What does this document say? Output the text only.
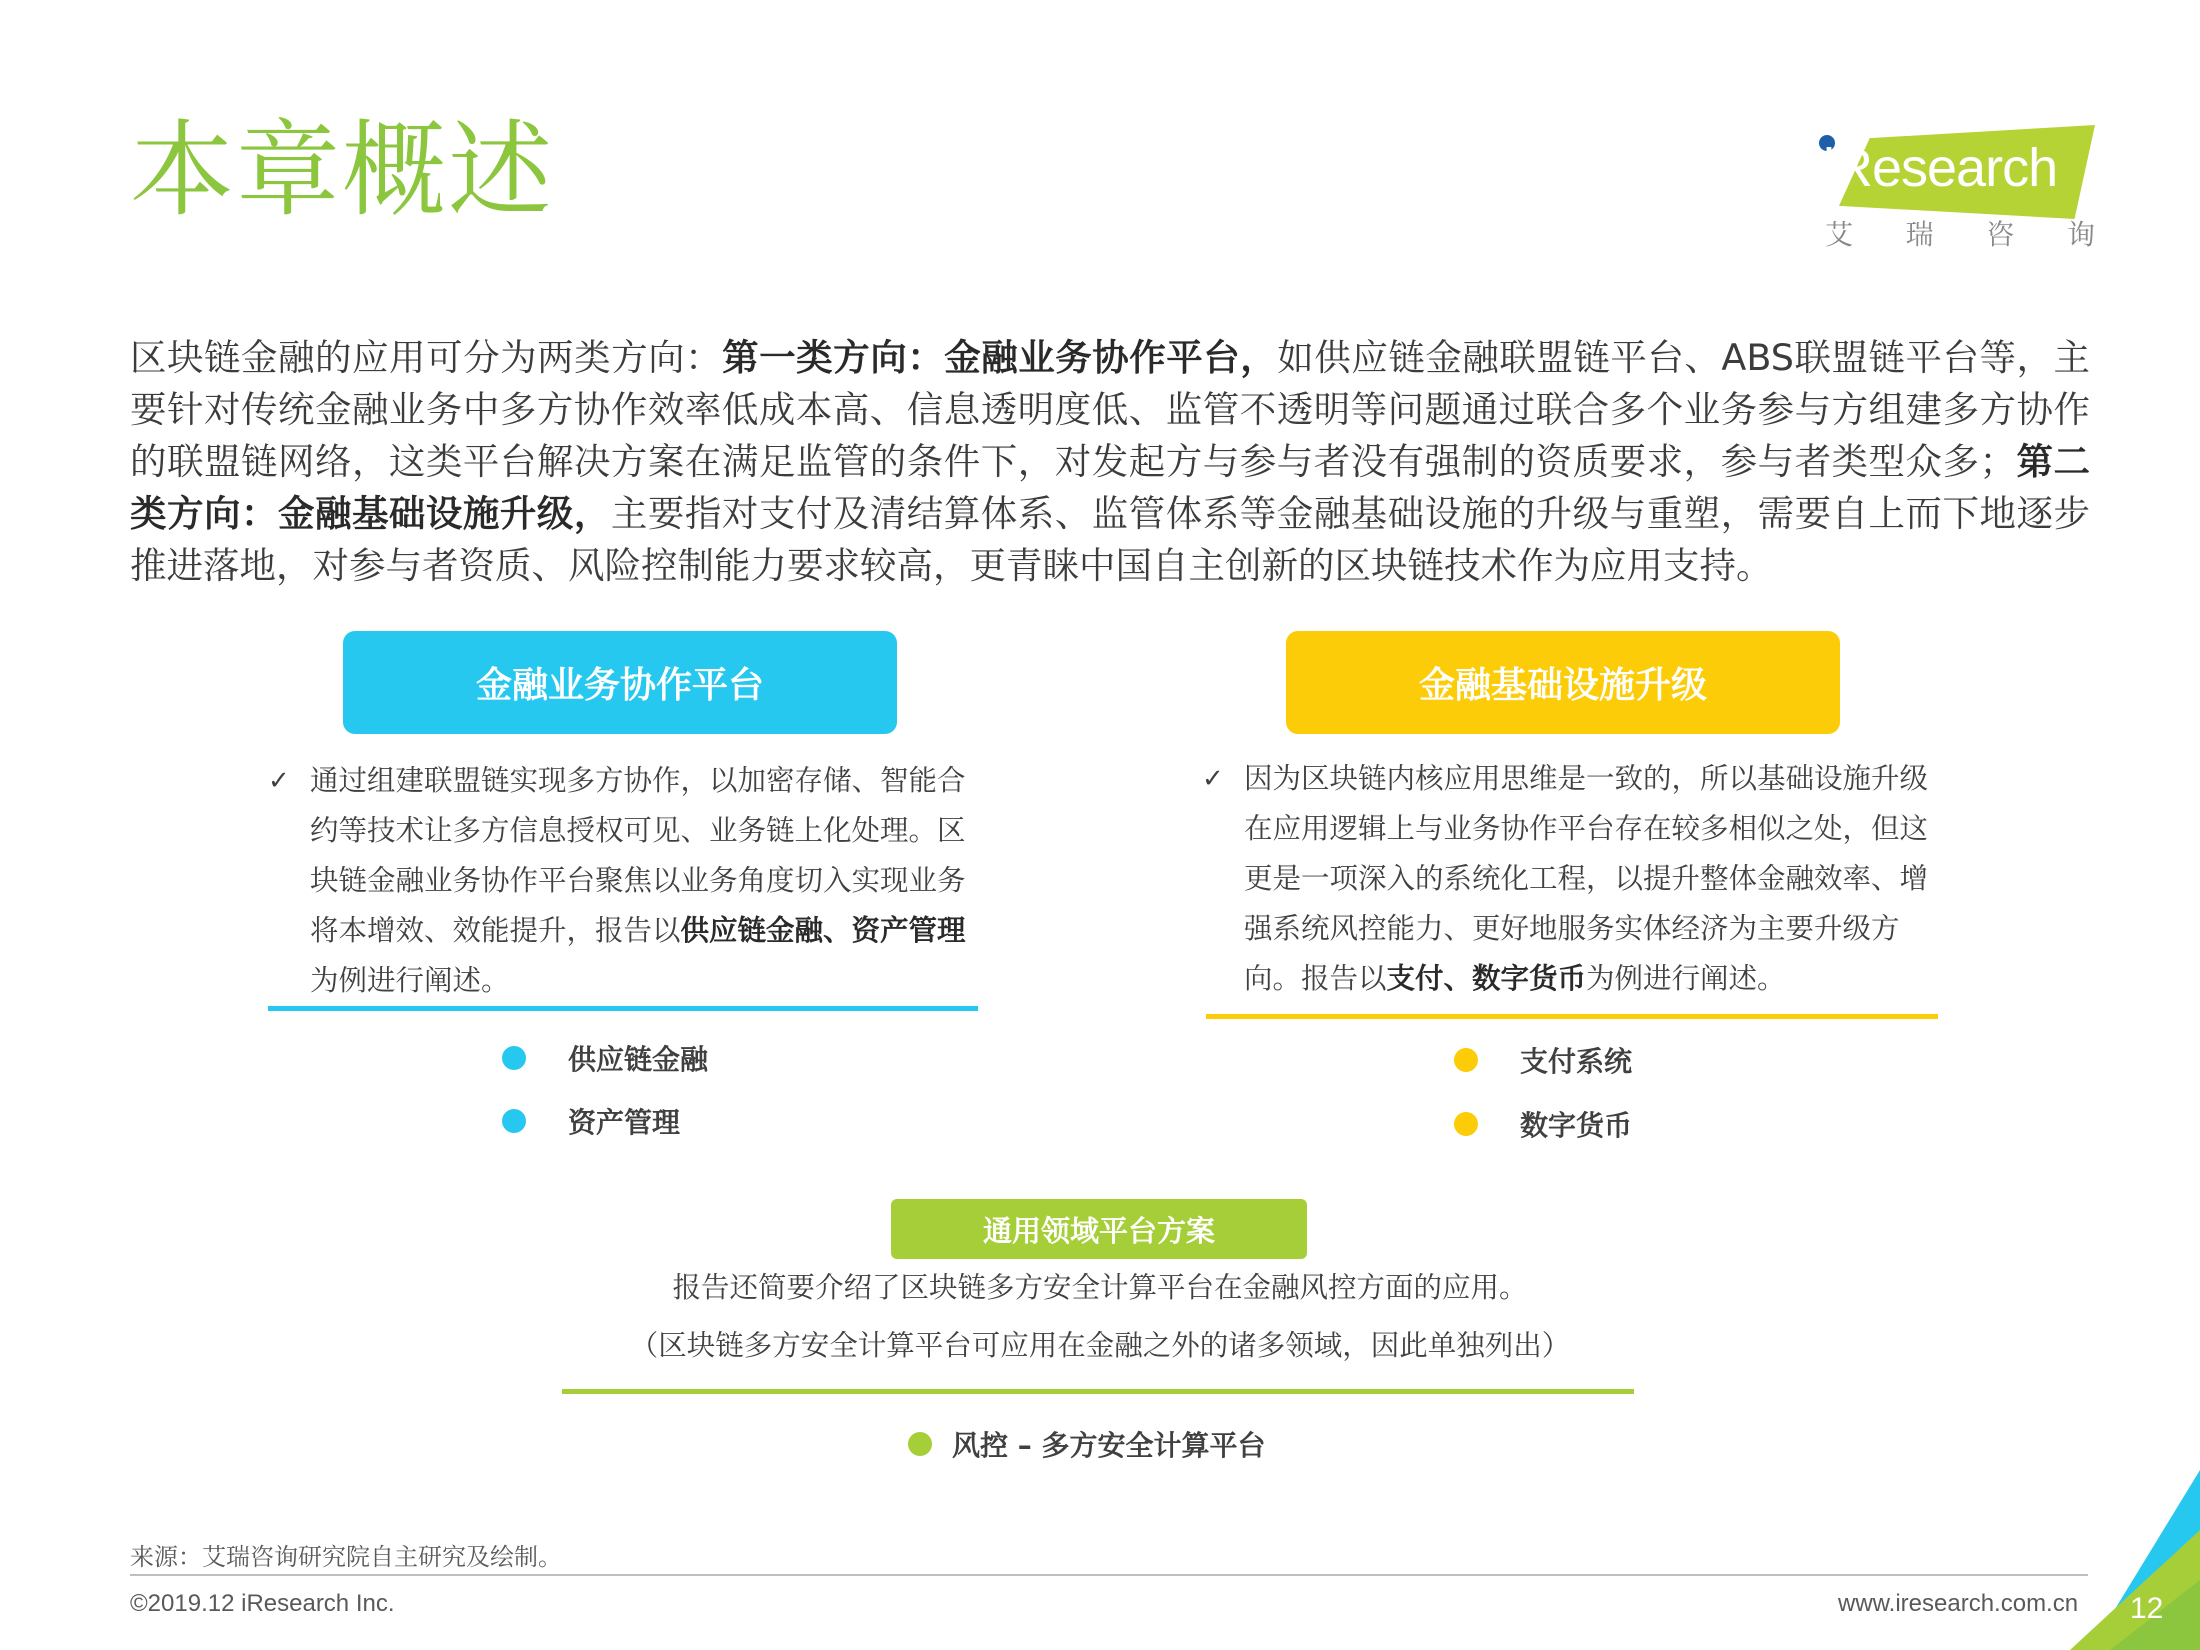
本章概述	iResearch
艾 瑞 咨 询
区块链金融的应用可分为两类方向：第一类方向：金融业务协作平台，如供应链金融联盟链平台、ABS联盟链平台等，主要针对传统金融业务中多方协作效率低成本高、信息透明度低、监管不透明等问题通过联合多个业务参与方组建多方协作的联盟链网络，这类平台解决方案在满足监管的条件下，对发起方与参与者没有强制的资质要求，参与者类型众多；第二类方向：金融基础设施升级，主要指对支付及清结算体系、监管体系等金融基础设施的升级与重塑，需要自上而下地逐步推进落地，对参与者资质、风险控制能力要求较高，更青睐中国自主创新的区块链技术作为应用支持。
金融业务协作平台
✓ 通过组建联盟链实现多方协作，以加密存储、智能合约等技术让多方信息授权可见、业务链上化处理。区块链金融业务协作平台聚焦以业务角度切入实现业务将本增效、效能提升，报告以供应链金融、资产管理为例进行阐述。
供应链金融
资产管理
金融基础设施升级
✓ 因为区块链内核应用思维是一致的，所以基础设施升级在应用逻辑上与业务协作平台存在较多相似之处，但这更是一项深入的系统化工程，以提升整体金融效率、增强系统风控能力、更好地服务实体经济为主要升级方向。报告以支付、数字货币为例进行阐述。
支付系统
数字货币
通用领域平台方案
报告还简要介绍了区块链多方安全计算平台在金融风控方面的应用。
（区块链多方安全计算平台可应用在金融之外的诸多领域，因此单独列出）
风控 – 多方安全计算平台
来源：艾瑞咨询研究院自主研究及绘制。
©2019.12 iResearch Inc.	www.iresearch.com.cn 12
